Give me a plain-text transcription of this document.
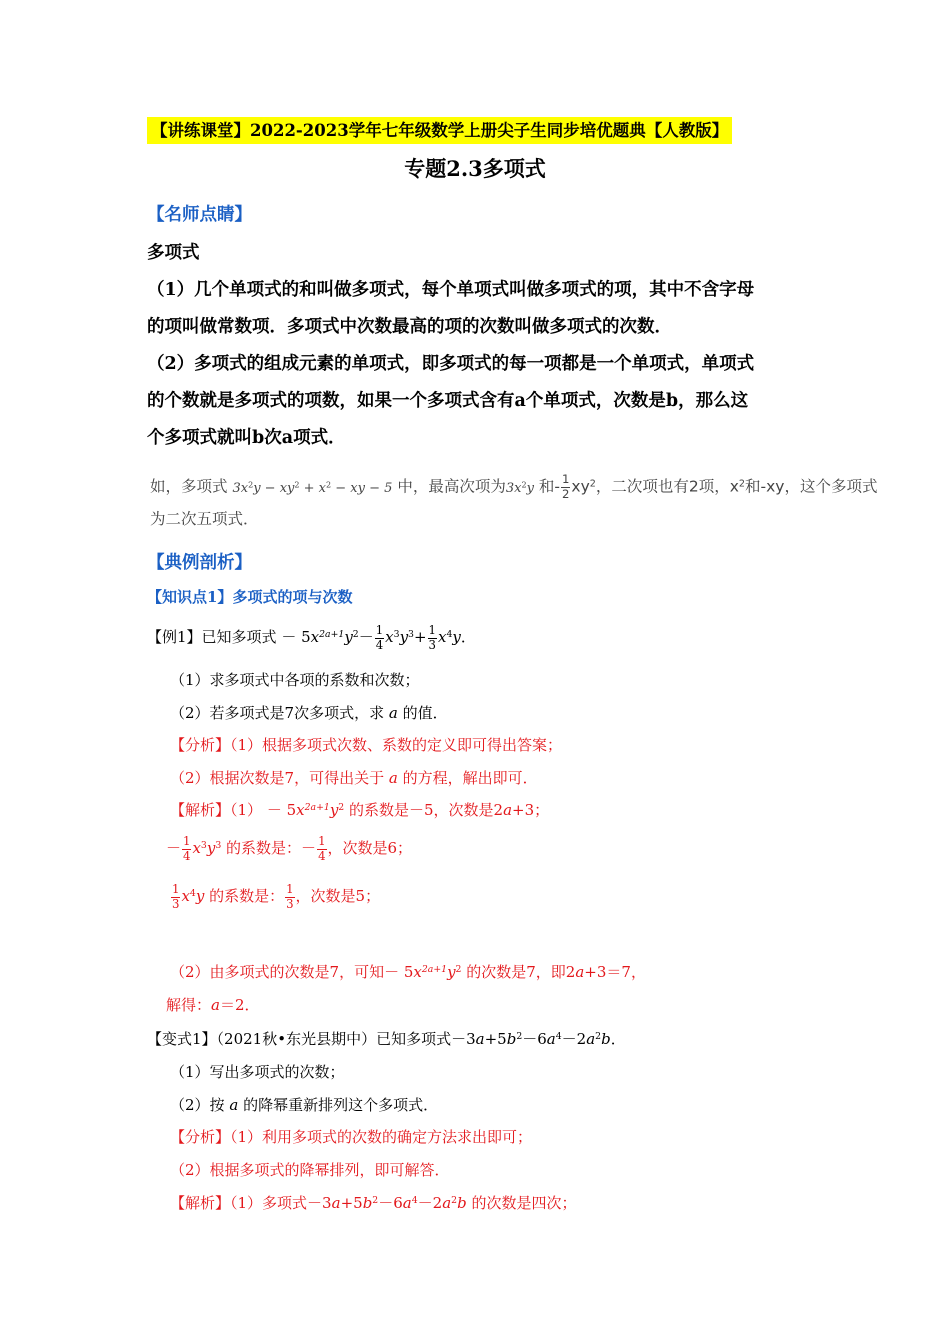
【讲练课堂】2022-2023学年七年级数学上册尖子生同步培优题典【人教版】
专题2.3多项式
【名师点睛】
多项式
（1）几个单项式的和叫做多项式，每个单项式叫做多项式的项，其中不含字母
的项叫做常数项．多项式中次数最高的项的次数叫做多项式的次数．
（2）多项式的组成元素的单项式，即多项式的每一项都是一个单项式，单项式
的个数就是多项式的项数，如果一个多项式含有a个单项式，次数是b，那么这
个多项式就叫b次a项式．
如，多项式 $3x^2y - xy^2 + x^2$ − xy − 5 中，最高次项为$3x^2y$ 和- $\frac{1}{2} xy^2$，二次项也有2项，$x^2$和-xy，这个多项式
为二次五项式．
【典例剖析】
【知识点1】多项式的项与次数
【例1】已知多项式 － $5x^{2a+1}y^2- \frac{1}{4} x^3y^3+ \frac{1}{3} x^4y$．
（1）求多项式中各项的系数和次数；
（2）若多项式是7次多项式，求 a 的值．
【分析】（1）根据多项式次数、系数的定义即可得出答案；
（2）根据次数是7，可得出关于 a 的方程，解出即可．
【解析】$(1) - 5x^{2a+1}y^2$ 的系数是－5，次数是2a+3；
－ $\frac{1}{4} x^3y^3$ 的系数是：－ $\frac{1}{4}$ ，次数是6；
$\frac{1}{3} x^4y$ 的系数是： $\frac{1}{3}$ ，次数是5；
（2）由多项式的次数是7，可知－ $5x^{2a+1}y^2$ 的次数是7，即2a+3＝7，
解得：a＝2．
【变式1】（2021秋•东光县期中）已知多项式$-3a+5b^2-6a^4-2a^2b$．
（1）写出多项式的次数；
（2）按 a 的降幂重新排列这个多项式．
【分析】（1）利用多项式的次数的确定方法求出即可；
（2）根据多项式的降幂排列，即可解答．
【解析】（1）多项式$-3a+5b^2-6a^4-2a^2b$ 的次数是四次；
